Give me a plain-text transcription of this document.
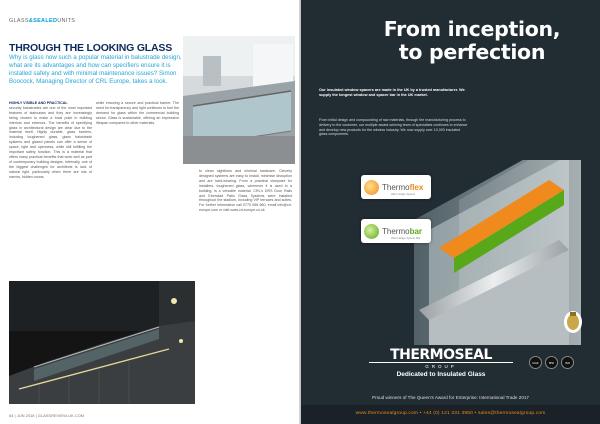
GLASS&SEALEDUNITS
THROUGH THE LOOKING GLASS
Why is glass now such a popular material in balustrade design, what are its advantages and how can specifiers ensure it is installed safely and with minimal maintenance issues? Simon Boocock, Managing Director of CRL Europe, takes a look.
HIGHLY VISIBLE AND PRACTICAL
security balustrades are one of the most important features of staircases and they are increasingly being chosen to make a focal point in building interiors and exteriors. The benefits of specifying glass in architectural design are clear due to the material itself. Highly durable, glass barriers, including toughened glass, glass balustrade systems and glazed panels can offer a sense of space, light and openness, while still fulfilling the important safety function. This is a material that offers many practical benefits that work well as part of contemporary building designs. Internally, one of the biggest challenges for architects is lack of natural light, particularly when there are lots of narrow, hidden rooms.
while ensuring a secure and practical barrier. The need for transparency and light continues to fuel the demand for glass within the commercial building sector. Glass is sustainable, offering an impressive lifespan compared to other materials.
to clean sightlines and minimal hardware. Cleverly designed systems are easy to install, minimise disruption and are hard-wearing. From a practical viewpoint for installers, toughened glass, whenever it is used in a building, is a versatile material. CRL's DRS Door Rails and Ebenclad Patio Glass Systems were installed throughout the stadium, including VIP terraces and suites. For further information call 0770 068 660, email info@crl-europe.com or visit www.crl-europe.co.uk
64 | JUN 2018 | GLASSREVIEW-UK.COM
From inception,
to perfection
Our insulated window spacers are made in the UK by a trusted manufacturer. We supply the longest window and spacer bar in the UK market.
From initial design and compounding of raw materials, through the manufacturing process to delivery to the customer, our multiple award-winning team of specialists continues to enhance and develop new products for the window industry. We now supply over 10,000 insulated glass components.
Thermoflex
Warm Edge Spacer
Thermobar
Warm Edge Spacer Bar
THERMOSEAL
GROUP
Dedicated to Insulated Glass
GGF	BSI	ISO
Proud winners of The Queen's Award for Enterprise: International Trade 2017
www.thermosealgroup.com • +44 (0) 121 331 3950 • sales@thermosealgroup.com
